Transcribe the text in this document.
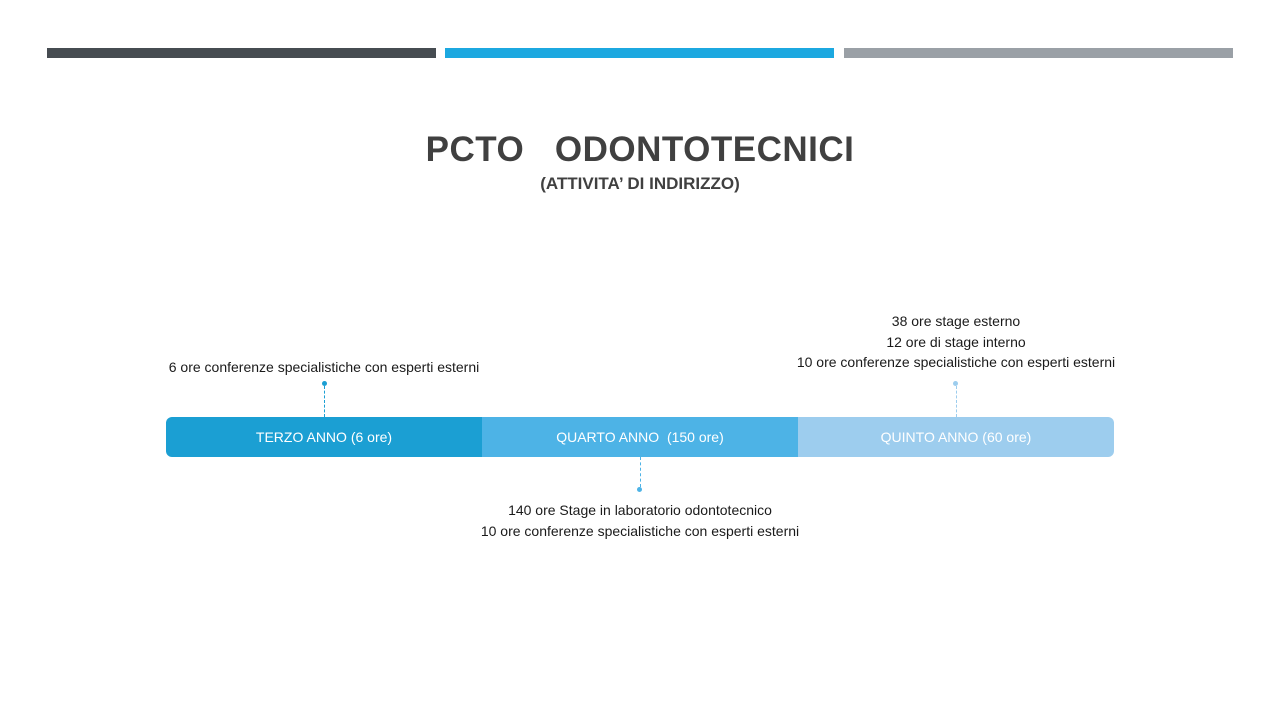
PCTO   ODONTOTECNICI
(ATTIVITA’ DI INDIRIZZO)
6 ore conferenze specialistiche con esperti esterni
38 ore stage esterno
12 ore di stage interno
10 ore conferenze specialistiche con esperti esterni
TERZO ANNO (6 ore)	QUARTO ANNO  (150 ore)	QUINTO ANNO (60 ore)
140 ore Stage in laboratorio odontotecnico
10 ore conferenze specialistiche con esperti esterni
